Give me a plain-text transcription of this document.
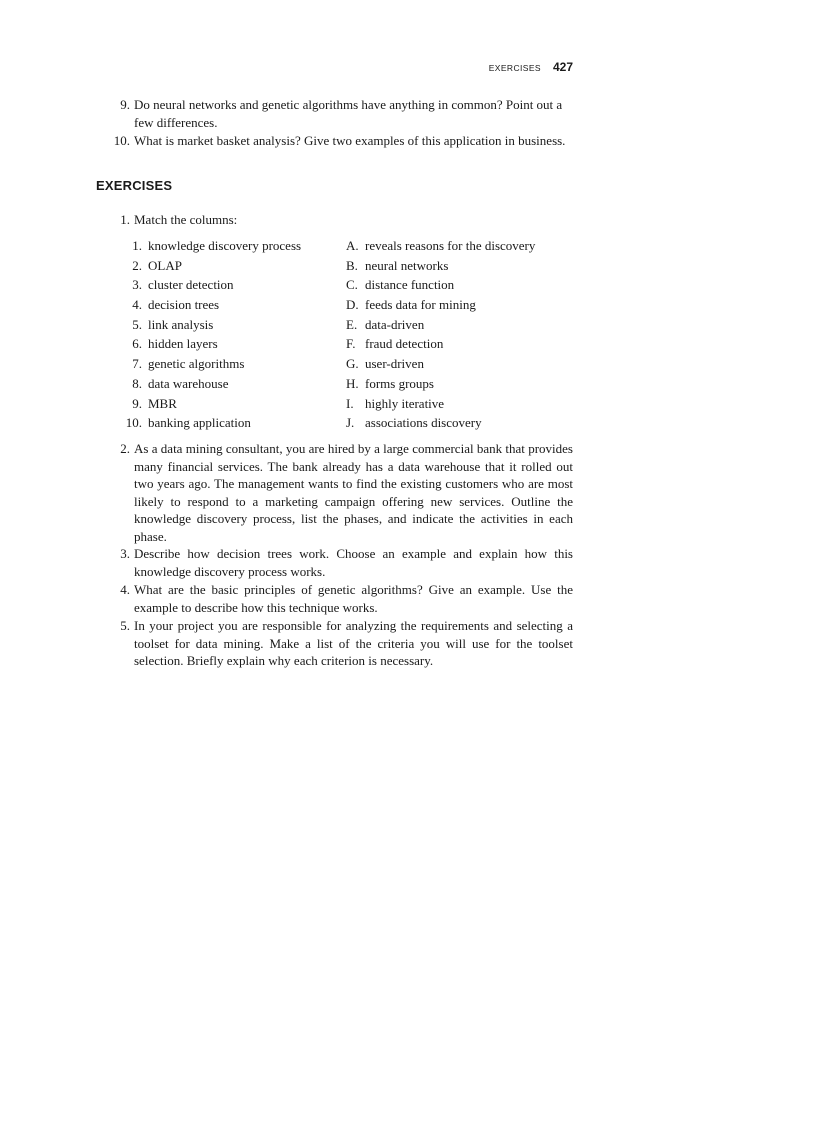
EXERCISES 427
9. Do neural networks and genetic algorithms have anything in common? Point out a few differences.
10. What is market basket analysis? Give two examples of this application in business.
EXERCISES
1. Match the columns:
1. knowledge discovery process	A. reveals reasons for the discovery
2. OLAP	B. neural networks
3. cluster detection	C. distance function
4. decision trees	D. feeds data for mining
5. link analysis	E. data-driven
6. hidden layers	F. fraud detection
7. genetic algorithms	G. user-driven
8. data warehouse	H. forms groups
9. MBR	I. highly iterative
10. banking application	J. associations discovery
2. As a data mining consultant, you are hired by a large commercial bank that provides many financial services. The bank already has a data warehouse that it rolled out two years ago. The management wants to find the existing customers who are most likely to respond to a marketing campaign offering new services. Outline the knowledge discovery process, list the phases, and indicate the activities in each phase.
3. Describe how decision trees work. Choose an example and explain how this knowledge discovery process works.
4. What are the basic principles of genetic algorithms? Give an example. Use the example to describe how this technique works.
5. In your project you are responsible for analyzing the requirements and selecting a toolset for data mining. Make a list of the criteria you will use for the toolset selection. Briefly explain why each criterion is necessary.
